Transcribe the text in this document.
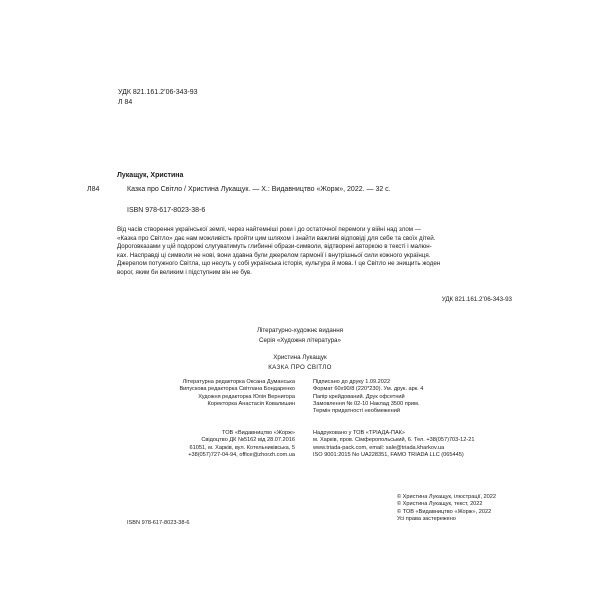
УДК 821.161.2’06-343-93
Л 84
Лукащук, Христина
Л84	Казка про Світло / Христина Лукащук. — Х.: Видавництво «Жорж», 2022. — 32 с.
ISBN 978-617-8023-38-6
Від часів створення української землі, через найтемніші роки і до остаточної перемоги у війні над злом —
«Казка про Світло» дає нам можливість пройти цим шляхом і знайти важливі відповіді для себе та своїх дітей.
Дороговказами у цій подорожі слугуватимуть глибинні образи-символи, відтворені авторкою в тексті і малюн-
ках. Насправді ці символи не нові, вони здавна були джерелом гармонії і внутрішньої сили кожного українця.
Джерелом потужного Світла, що несуть у собі українська історія, культура й мова. І це Світло не знищить жоден
ворог, яким би великим і підступним він не був.
УДК 821.161.2’06-343-93
Літературно-художнє видання
Серія «Художня література»
Христина Лукащук
КАЗКА ПРО СВІТЛО
Літературна редакторка Оксана Думанська
Випускова редакторка Світлана Бондаренко
Художня редакторка Юлія Вернигора
Коректорка Анастасія Ковалишин
Підписано до друку 1.09.2022
Формат 60х90/8 (220*230). Ум. друк. арк. 4
Папір крейдований. Друк офсетний
Замовлення № 02-10 Наклад 3500 прим.
Термін придатності необмежений
ТОВ «Видавництво «Жорж»
Свідоцтво ДК №5162 від 28.07.2016
61051, м. Харків, вул. Котельниківська, 5
+38(057)727-04-94, office@zhorzh.com.ua
Надруковано у ТОВ «ТРІАДА-ПАК»
м. Харків, пров. Сімферопольський, 6. Тел. +38(057)703-12-21
www.triada-pack.com, email: sale@triada.kharkov.ua
ISO 9001:2015 No UA228351, FAMO TRIADA LLC (065445)
ISBN 978-617-8023-38-6
© Христина Лукащук, ілюстрації, 2022
© Христина Лукащук, текст, 2022
© ТОВ «Видавництво «Жорж», 2022
Усі права застережено
